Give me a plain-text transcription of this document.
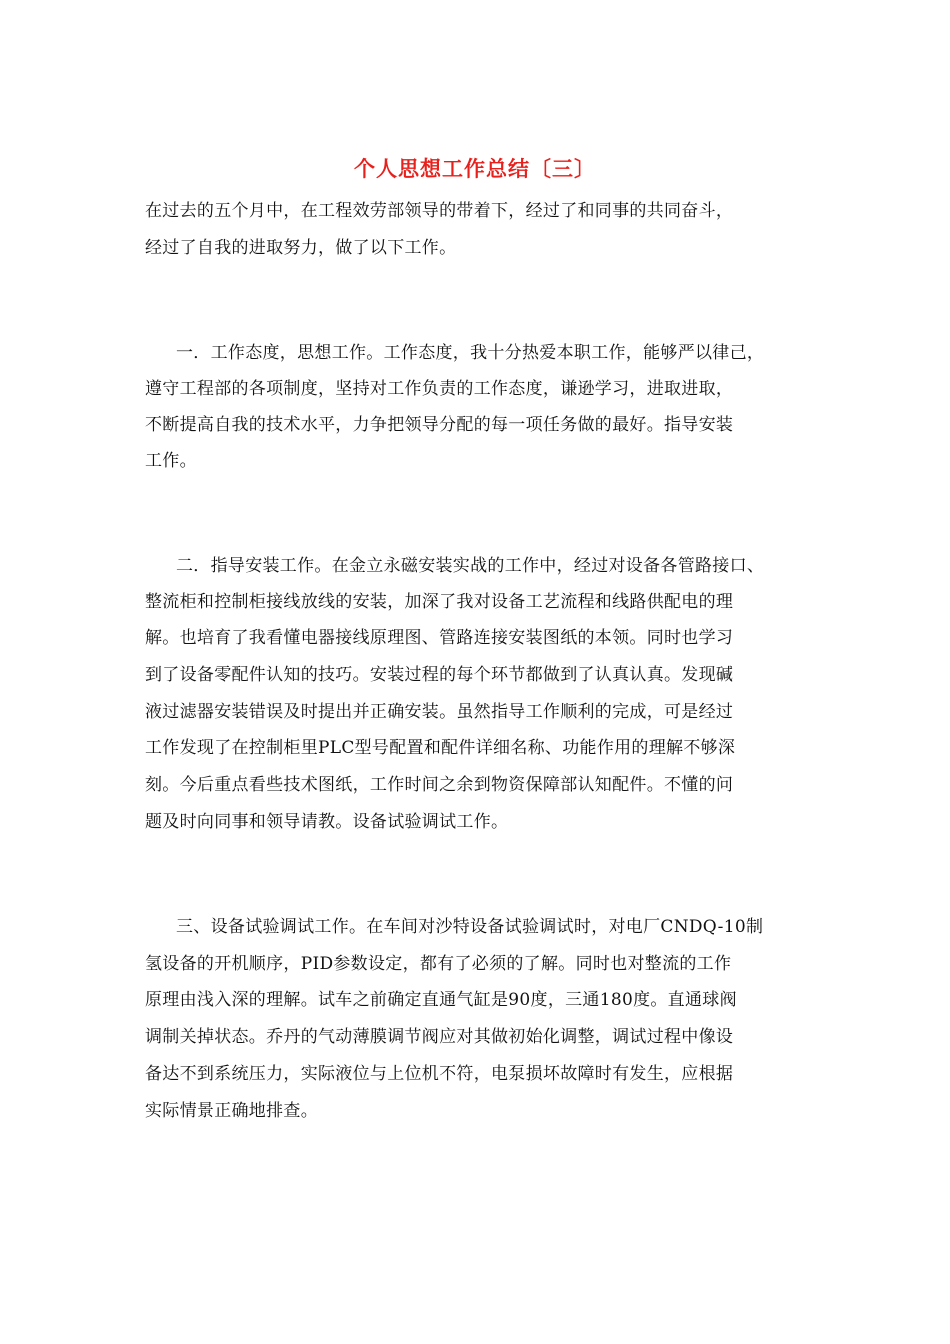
个人思想工作总结〔三〕
在过去的五个月中，在工程效劳部领导的带着下，经过了和同事的共同奋斗，
经过了自我的进取努力，做了以下工作。
一．工作态度，思想工作。工作态度，我十分热爱本职工作，能够严以律己，
遵守工程部的各项制度，坚持对工作负责的工作态度，谦逊学习，进取进取，
不断提高自我的技术水平，力争把领导分配的每一项任务做的最好。指导安装
工作。
二．指导安装工作。在金立永磁安装实战的工作中，经过对设备各管路接口、
整流柜和控制柜接线放线的安装，加深了我对设备工艺流程和线路供配电的理
解。也培育了我看懂电器接线原理图、管路连接安装图纸的本领。同时也学习
到了设备零配件认知的技巧。安装过程的每个环节都做到了认真认真。发现碱
液过滤器安装错误及时提出并正确安装。虽然指导工作顺利的完成，可是经过
工作发现了在控制柜里PLC型号配置和配件详细名称、功能作用的理解不够深
刻。今后重点看些技术图纸，工作时间之余到物资保障部认知配件。不懂的问
题及时向同事和领导请教。设备试验调试工作。
三、设备试验调试工作。在车间对沙特设备试验调试时，对电厂CNDQ-10制
氢设备的开机顺序，PID参数设定，都有了必须的了解。同时也对整流的工作
原理由浅入深的理解。试车之前确定直通气缸是90度，三通180度。直通球阀
调制关掉状态。乔丹的气动薄膜调节阀应对其做初始化调整，调试过程中像设
备达不到系统压力，实际液位与上位机不符，电泵损坏故障时有发生，应根据
实际情景正确地排查。
